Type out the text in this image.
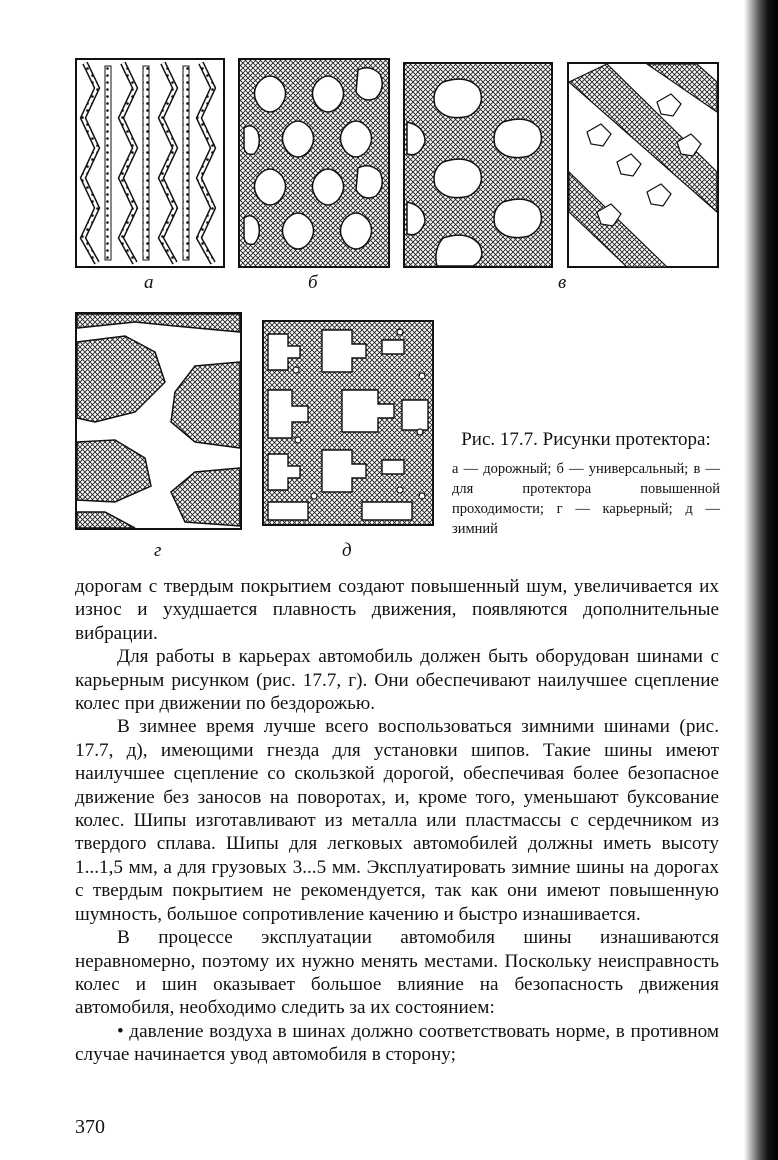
а	б	в
г	д
Рис. 17.7. Рисунки протектора:
а — дорожный; б — универсальный; в — для протектора повышенной проходимости; г — карьерный; д — зимний

дорогам с твердым покрытием создают повышенный шум, увеличивается их износ и ухудшается плавность движения, появляются дополнительные вибрации.

Для работы в карьерах автомобиль должен быть оборудован шинами с карьерным рисунком (рис. 17.7, г). Они обеспечивают наилучшее сцепление колес при движении по бездорожью.

В зимнее время лучше всего воспользоваться зимними шинами (рис. 17.7, д), имеющими гнезда для установки шипов. Такие шины имеют наилучшее сцепление со скользкой дорогой, обеспечивая более безопасное движение без заносов на поворотах, и, кроме того, уменьшают буксование колес. Шипы изготавливают из металла или пластмассы с сердечником из твердого сплава. Шипы для легковых автомобилей должны иметь высоту 1...1,5 мм, а для грузовых 3...5 мм. Эксплуатировать зимние шины на дорогах с твердым покрытием не рекомендуется, так как они имеют повышенную шумность, большое сопротивление качению и быстро изнашивается.

В процессе эксплуатации автомобиля шины изнашиваются неравномерно, поэтому их нужно менять местами. Поскольку неисправность колес и шин оказывает большое влияние на безопасность движения автомобиля, необходимо следить за их состоянием:

• давление воздуха в шинах должно соответствовать норме, в противном случае начинается увод автомобиля в сторону;

370
